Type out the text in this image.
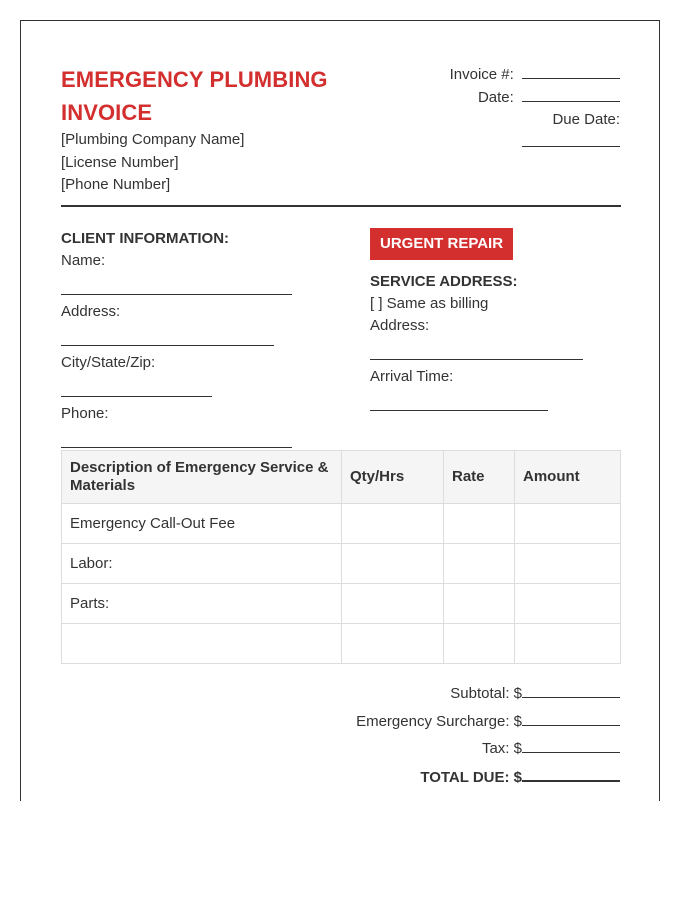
EMERGENCY PLUMBING INVOICE
[Plumbing Company Name]
[License Number]
[Phone Number]
Invoice #:
Date:
Due Date:
CLIENT INFORMATION:
Name:
Address:
City/State/Zip:
Phone:
URGENT REPAIR
SERVICE ADDRESS:
[ ] Same as billing
Address:
Arrival Time:
Description of Emergency Service & Materials	Qty/Hrs	Rate	Amount
Emergency Call-Out Fee			
Labor:			
Parts:			

Subtotal: $
Emergency Surcharge: $
Tax: $
TOTAL DUE: $
